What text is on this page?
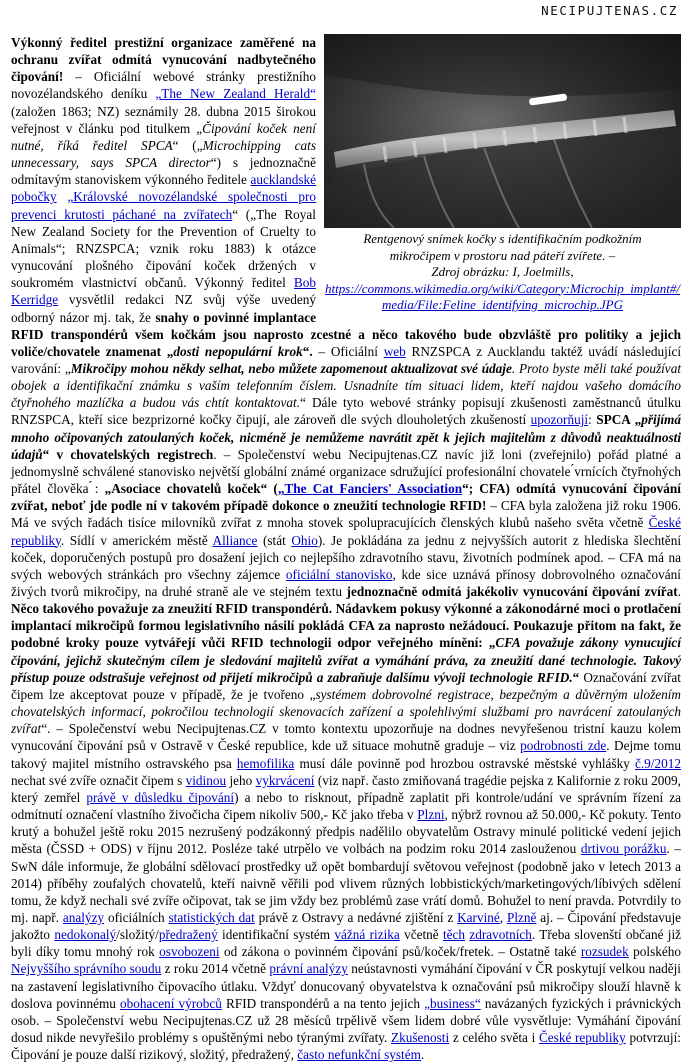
NECIPUJTENAS.CZ
Rentgenový snímek kočky s identifikačním podkožním
mikročipem v prostoru nad páteří zvířete. –
Zdroj obrázku: I, Joelmills,
https://commons.wikimedia.org/wiki/Category:Microchip_implant#/media/File:Feline_identifying_microchip.JPG

Výkonný ředitel prestižní organizace zaměřené na ochranu zvířat odmítá vynucování nadbytečného čipování! – Oficiální webové stránky prestižního novozélandského deníku „The New Zealand Herald“ (založen 1863; NZ) seznámily 28. dubna 2015 širokou veřejnost v článku pod titulkem „Čipování koček není nutné, říká ředitel SPCA“ („Microchipping cats unnecessary, says SPCA director“) s jednoznačně odmítavým stanoviskem výkonného ředitele aucklandské pobočky „Královské novozélandské společnosti pro prevenci krutosti páchané na zvířatech“ („The Royal New Zealand Society for the Prevention of Cruelty to Animals“; RNZSPCA; vznik roku 1883) k otázce vynucování plošného čipování koček držených v soukromém vlastnictví občanů. Výkonný ředitel Bob Kerridge vysvětlil redakci NZ svůj výše uvedený odborný názor mj. tak, že snahy o povinné implantace RFID transpondérů všem kočkám jsou naprosto zcestné a něco takového bude obzvláště pro politiky a jejich voliče/chovatele znamenat „dosti nepopulární krok“. – Oficiální web RNZSPCA z Aucklandu taktéž uvádí následující varování: „Mikročipy mohou někdy selhat, nebo můžete zapomenout aktualizovat své údaje. Proto byste měli také používat obojek a identifikační známku s vaším telefonním číslem. Usnadníte tím situaci lidem, kteří najdou vašeho domácího čtyřnohého mazlíčka a budou vás chtít kontaktovat.“ Dále tyto webové stránky popisují zkušenosti zaměstnanců útulku RNZSPCA, kteří sice bezprizorné kočky čipují, ale zároveň dle svých dlouholetých zkušeností upozorňují: SPCA „přijímá mnoho očipovaných zatoulaných koček, nicméně je nemůžeme navrátit zpět k jejich majitelům z důvodů neaktuálnosti údajů“ v chovatelských registrech. – Společenství webu Necipujtenas.CZ navíc již loni (zveřejnilo) pořád platné a jednomyslně schválené stanovisko největší globální známé organizace sdružující profesionální chovatele ́vrnících čtyřnohých přátel člověka ́: „Asociace chovatelů koček“ („The Cat Fanciers' Association“; CFA) odmítá vynucování čipování zvířat, neboť jde podle ní v takovém případě dokonce o zneužití technologie RFID! – CFA byla založena již roku 1906. Má ve svých řadách tisíce milovníků zvířat z mnoha stovek spolupracujících členských klubů našeho světa včetně České republiky. Sídlí v americkém městě Alliance (stát Ohio). Je pokládána za jednu z nejvyšších autorit z hlediska šlechtění koček, doporučených postupů pro dosažení jejich co nejlepšího zdravotního stavu, životních podmínek apod. – CFA má na svých webových stránkách pro všechny zájemce oficiální stanovisko, kde sice uznává přínosy dobrovolného označování živých tvorů mikročipy, na druhé straně ale ve stejném textu jednoznačně odmítá jakékoliv vynucování čipování zvířat. Něco takového považuje za zneužití RFID transpondérů. Nádavkem pokusy výkonné a zákonodárné moci o protlačení implantací mikročipů formou legislativního násilí pokládá CFA za naprosto nežádoucí. Poukazuje přitom na fakt, že podobné kroky pouze vytvářejí vůči RFID technologii odpor veřejného mínění: „CFA považuje zákony vynucující čipování, jejichž skutečným cílem je sledování majitelů zvířat a vymáhání práva, za zneužití dané technologie. Takový přístup pouze odstrašuje veřejnost od přijetí mikročipů a zabraňuje dalšímu vývoji technologie RFID.“ Označování zvířat čipem lze akceptovat pouze v případě, že je tvořeno „systémem dobrovolné registrace, bezpečným a důvěrným uložením chovatelských informací, pokročilou technologií skenovacích zařízení a spolehlivými službami pro navrácení zatoulaných zvířat“. – Společenství webu Necipujtenas.CZ v tomto kontextu upozorňuje na dodnes nevyřešenou tristní kauzu kolem vynucování čipování psů v Ostravě v České republice, kde už situace mohutně graduje – viz podrobnosti zde. Dejme tomu takový majitel místního ostravského psa hemofilika musí dále povinně pod hrozbou ostravské městské vyhlášky č.9/2012 nechat své zvíře označit čipem s vidinou jeho vykrvácení (viz např. často zmiňovaná tragédie pejska z Kalifornie z roku 2009, který zemřel právě v důsledku čipování) a nebo to risknout, případně zaplatit při kontrole/udání ve správním řízení za odmítnutí označení vlastního živočicha čipem nikoliv 500,- Kč jako třeba v Plzni, nýbrž rovnou až 50.000,- Kč pokuty. Tento krutý a bohužel ještě roku 2015 nezrušený podzákonný předpis nadělilo obyvatelům Ostravy minulé politické vedení jejich města (ČSSD + ODS) v říjnu 2012. Posléze také utrpělo ve volbách na podzim roku 2014 zaslouženou drtivou porážku. – SwN dále informuje, že globální sdělovací prostředky už opět bombardují světovou veřejnost (podobně jako v letech 2013 a 2014) příběhy zoufalých chovatelů, kteří naivně věřili pod vlivem různých lobbistických/marketingových/líbivých sdělení tomu, že když nechali své zvíře očipovat, tak se jim vždy bez problémů zase vrátí domů. Bohužel to není pravda. Potvrdily to mj. např. analýzy oficiálních statistických dat právě z Ostravy a nedávné zjištění z Karviné, Plzně aj. – Čipování představuje jakožto nedokonalý/složitý/předražený identifikační systém vážná rizika včetně těch zdravotních. Třeba slovenští občané již byli díky tomu mnohý rok osvobozeni od zákona o povinném čipování psů/koček/fretek. – Ostatně také rozsudek polského Nejvyššího správního soudu z roku 2014 včetně právní analýzy neústavnosti vymáhání čipování v ČR poskytují velkou naději na zastavení legislativního čipovacího útlaku. Vždyť donucovaný obyvatelstva k označování psů mikročipy slouží hlavně k doslova povinnému obohacení výrobců RFID transpondérů a na tento jejich „business“ navázaných fyzických i právnických osob. – Společenství webu Necipujtenas.CZ už 28 měsíců trpělivě všem lidem dobré vůle vysvětluje: Vymáhání čipování dosud nikde nevyřešilo problémy s opuštěnými nebo týranými zvířaty. Zkušenosti z celého světa i České republiky potvrzují: Čipování je pouze další rizikový, složitý, předražený, často nefunkční systém.
